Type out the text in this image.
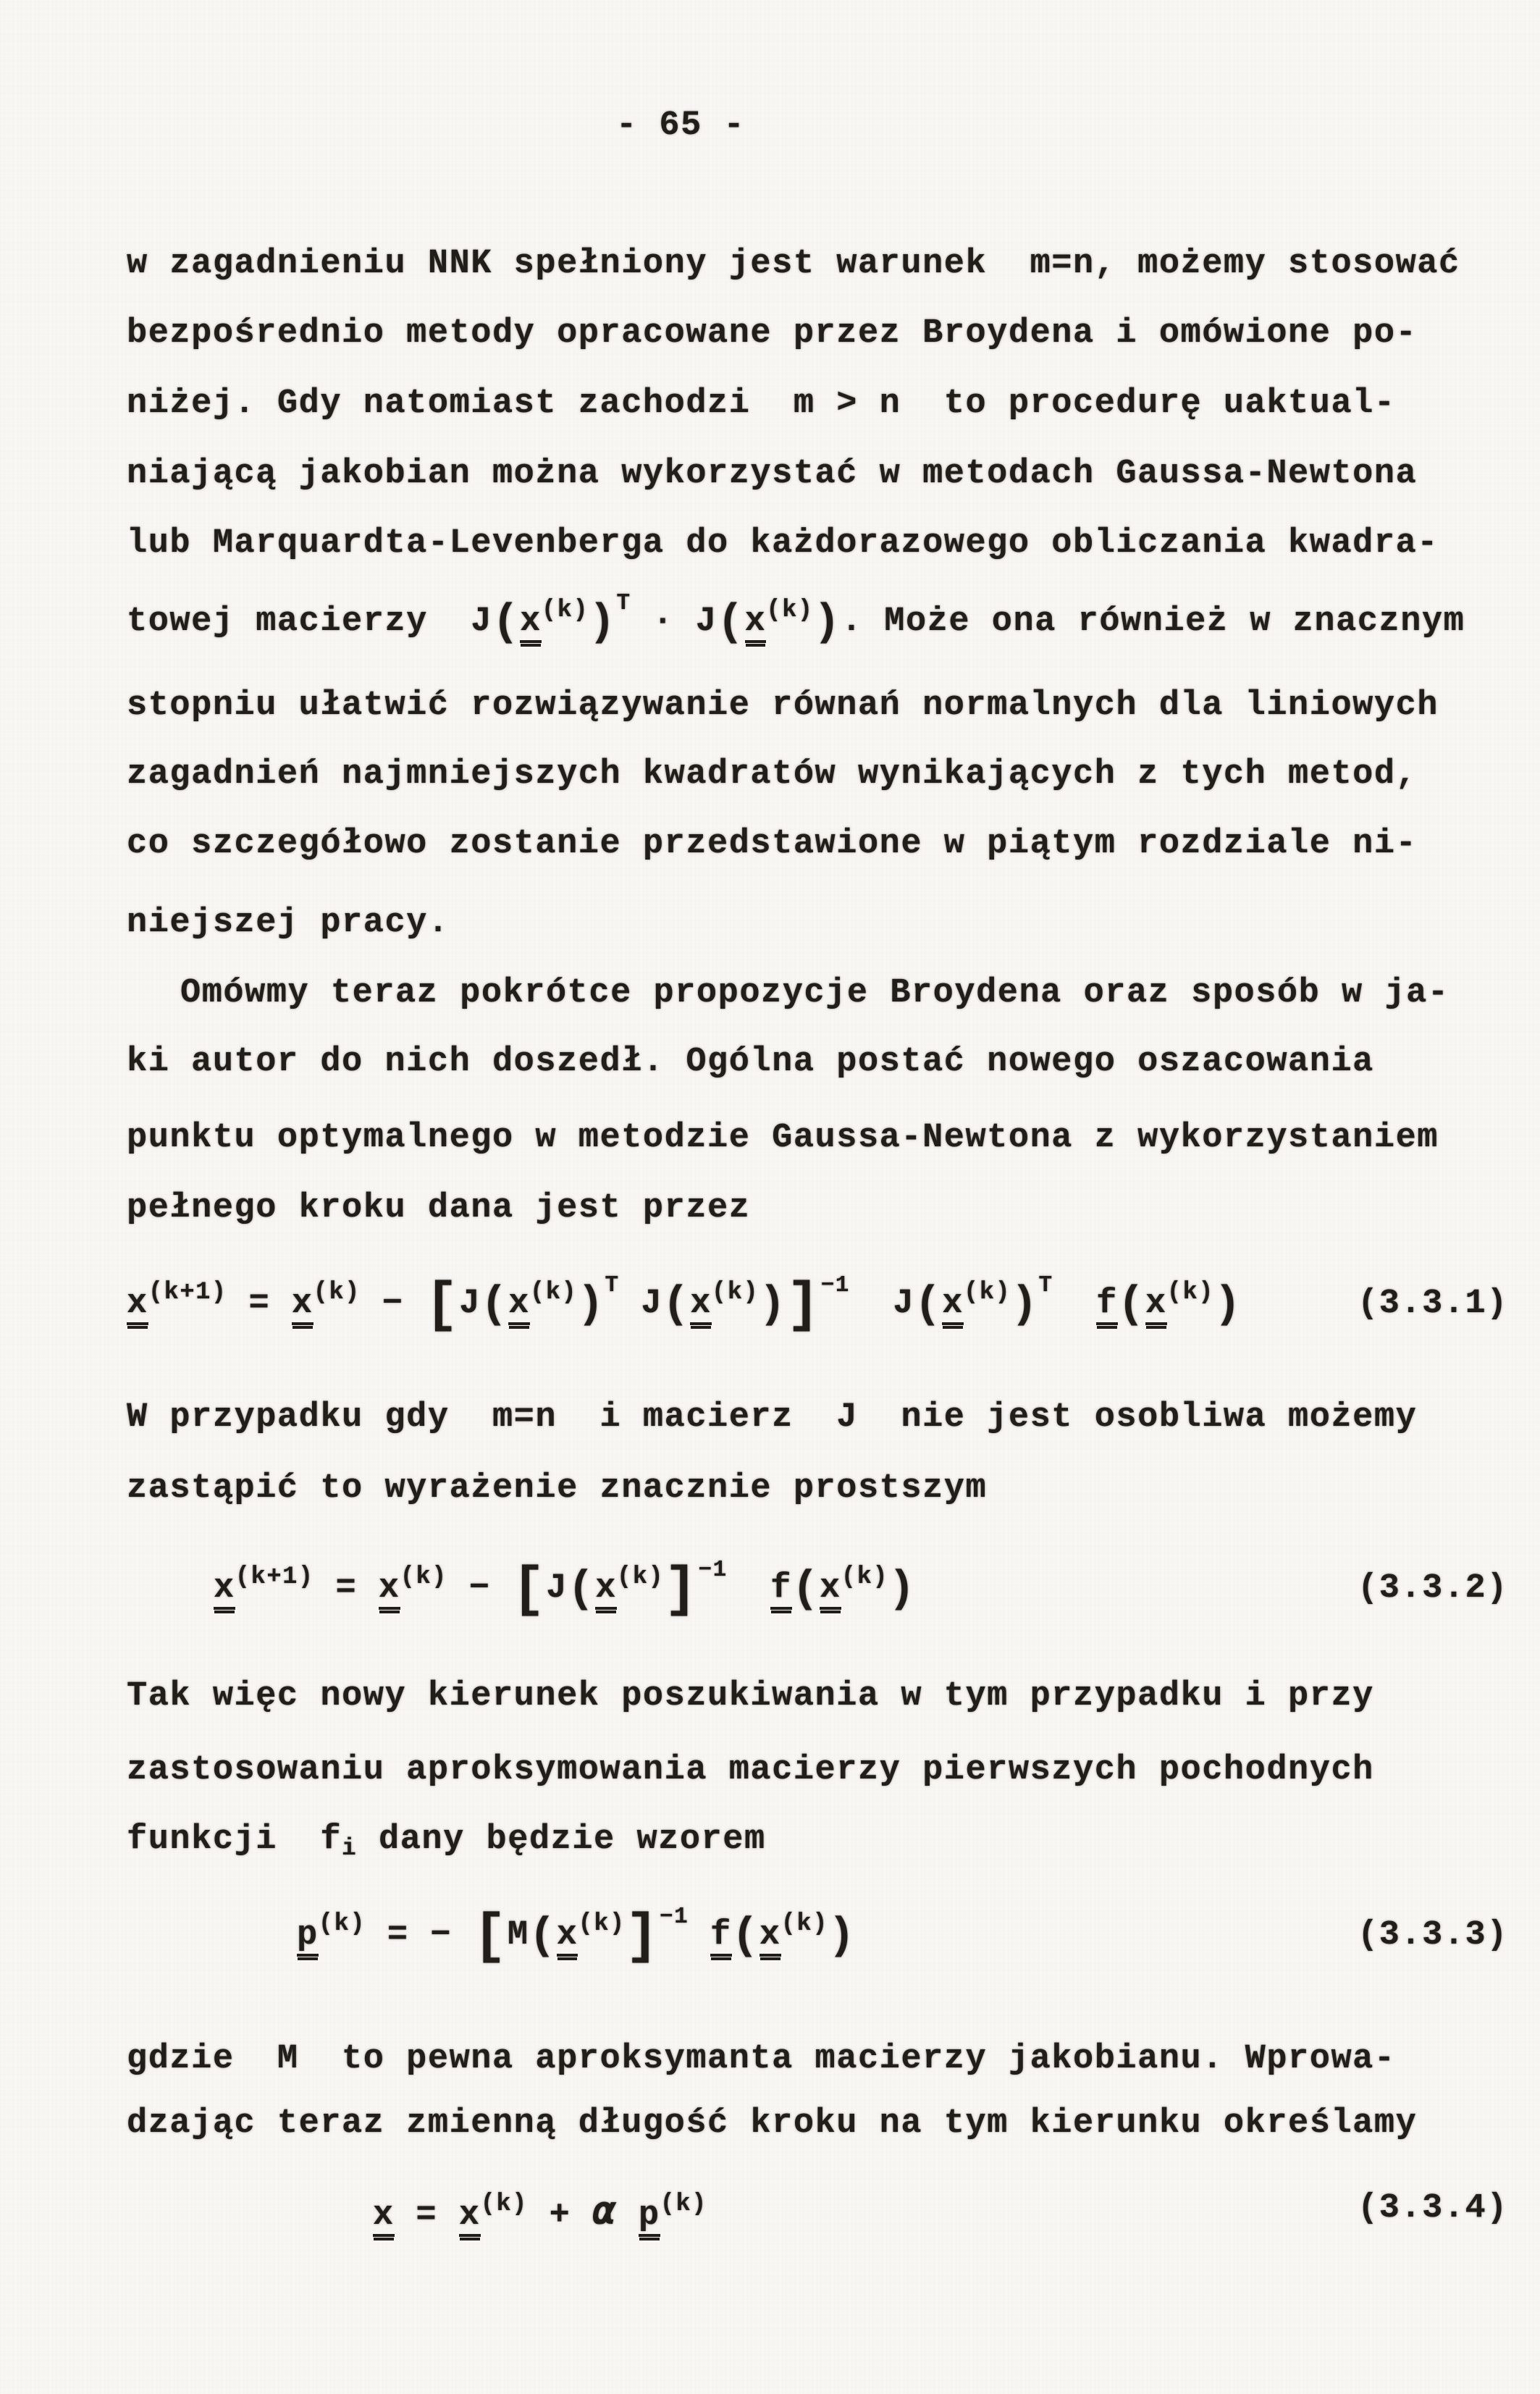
- 65 -
w zagadnieniu NNK spełniony jest warunek  m=n, możemy stosować
bezpośrednio metody opracowane przez Broydena i omówione po-
niżej. Gdy natomiast zachodzi  m > n  to procedurę uaktual-
niającą jakobian można wykorzystać w metodach Gaussa-Newtona
lub Marquardta-Levenberga do każdorazowego obliczania kwadra-
towej macierzy  $J(x^{(k)})^T \cdot J(x^{(k)})$. Może ona również w znacznym
stopniu ułatwić rozwiązywanie równań normalnych dla liniowych
zagadnień najmniejszych kwadratów wynikających z tych metod,
co szczegółowo zostanie przedstawione w piątym rozdziale ni-
niejszej pracy.
Omówmy teraz pokrótce propozycje Broydena oraz sposób w ja-
ki autor do nich doszedł. Ogólna postać nowego oszacowania
punktu optymalnego w metodzie Gaussa-Newtona z wykorzystaniem
pełnego kroku dana jest przez
$x^{(k+1)} = x^{(k)} - [J(x^{(k)})^T$ $J(x^{(k)})]^{-1}$  $J(x^{(k)})^T$ $f(x^{(k)})$	(3.3.1)
W przypadku gdy  m=n  i macierz  J  nie jest osobliwa możemy
zastąpić to wyrażenie znacznie prostszym
$x^{(k+1)} = x^{(k)} - [J(x^{(k)}]^{-1}$ $f(x^{(k)})$	(3.3.2)
Tak więc nowy kierunek poszukiwania w tym przypadku i przy
zastosowaniu aproksymowania macierzy pierwszych pochodnych
funkcji  fi dany będzie wzorem
$p^{(k)}$ = − [$M(x^{(k)}]^{-1}$ $f(x^{(k)})$	(3.3.3)
gdzie  M  to pewna aproksymanta macierzy jakobianu. Wprowa-
dzając teraz zmienną długość kroku na tym kierunku określamy
$x = x^{(k)} + \alpha$ $p^{(k)}$	(3.3.4)
